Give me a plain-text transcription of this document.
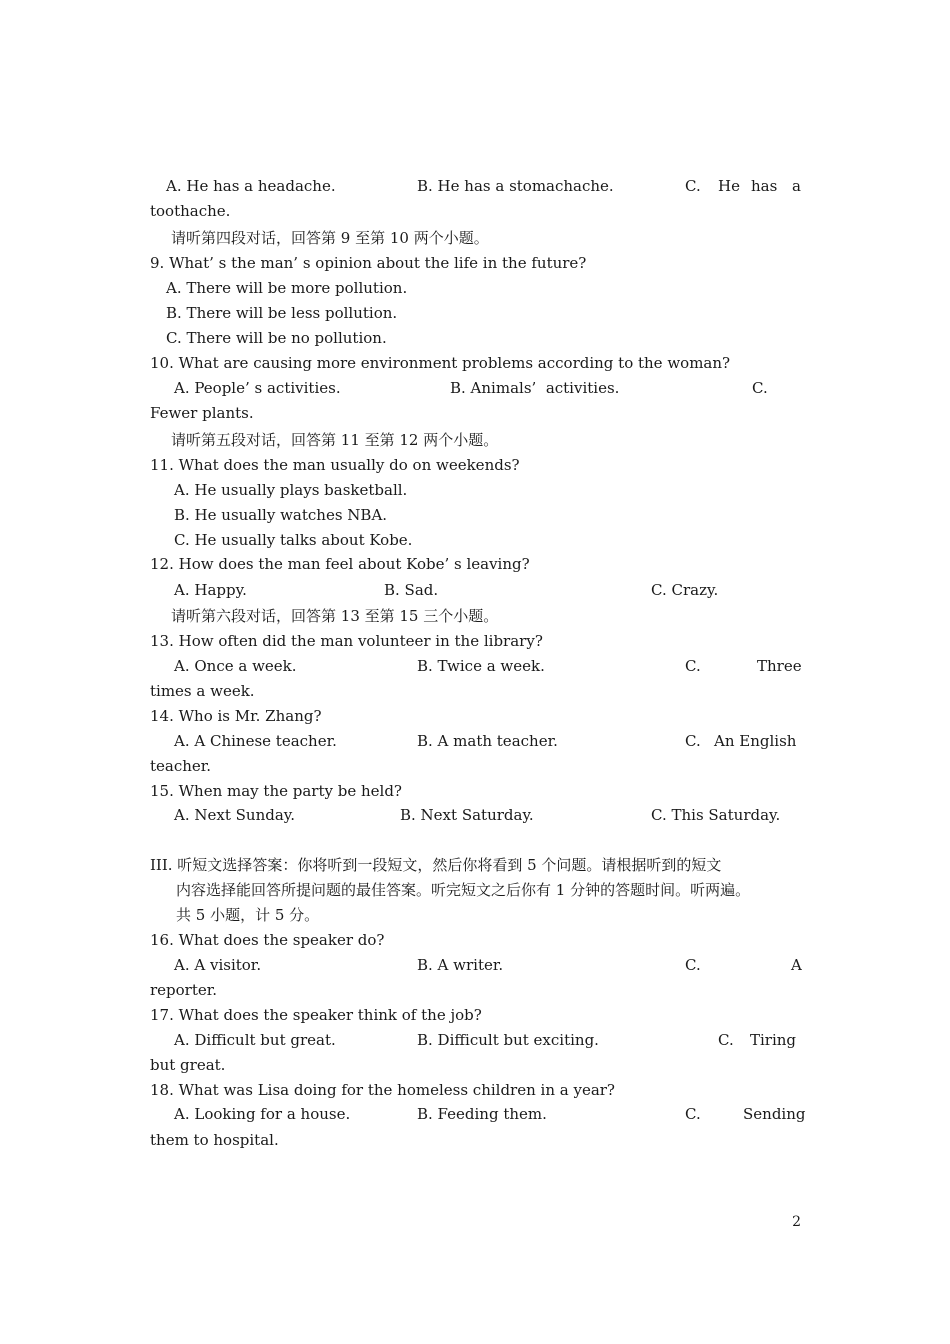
A. He has a headache.	B. He has a stomachache.	C. He has a
toothache.
请听第四段对话，回答第 9 至第 10 两个小题。
9. What’ s the man’ s opinion about the life in the future?
A. There will be more pollution.
B. There will be less pollution.
C. There will be no pollution.
10. What are causing more environment problems according to the woman?
A. People’ s activities.	B. Animals’  activities.	C.
Fewer plants.
请听第五段对话，回答第 11 至第 12 两个小题。
11. What does the man usually do on weekends?
A. He usually plays basketball.
B. He usually watches NBA.
C. He usually talks about Kobe.
12. How does the man feel about Kobe’ s leaving?
A. Happy.	B. Sad.	C. Crazy.
请听第六段对话，回答第 13 至第 15 三个小题。
13. How often did the man volunteer in the library?
A. Once a week.	B. Twice a week.	C.	Three
times a week.
14. Who is Mr. Zhang?
A. A Chinese teacher.	B. A math teacher.	C. An English
teacher.
15. When may the party be held?
A. Next Sunday.	B. Next Saturday.	C. This Saturday.
III. 听短文选择答案：你将听到一段短文，然后你将看到 5 个问题。请根据听到的短文
内容选择能回答所提问题的最佳答案。听完短文之后你有 1 分钟的答题时间。听两遍。
共 5 小题，计 5 分。
16. What does the speaker do?
A. A visitor.	B. A writer.	C.	A
reporter.
17. What does the speaker think of the job?
A. Difficult but great.	B. Difficult but exciting.	C. Tiring
but great.
18. What was Lisa doing for the homeless children in a year?
A. Looking for a house.	B. Feeding them.	C.	Sending
them to hospital.
2
